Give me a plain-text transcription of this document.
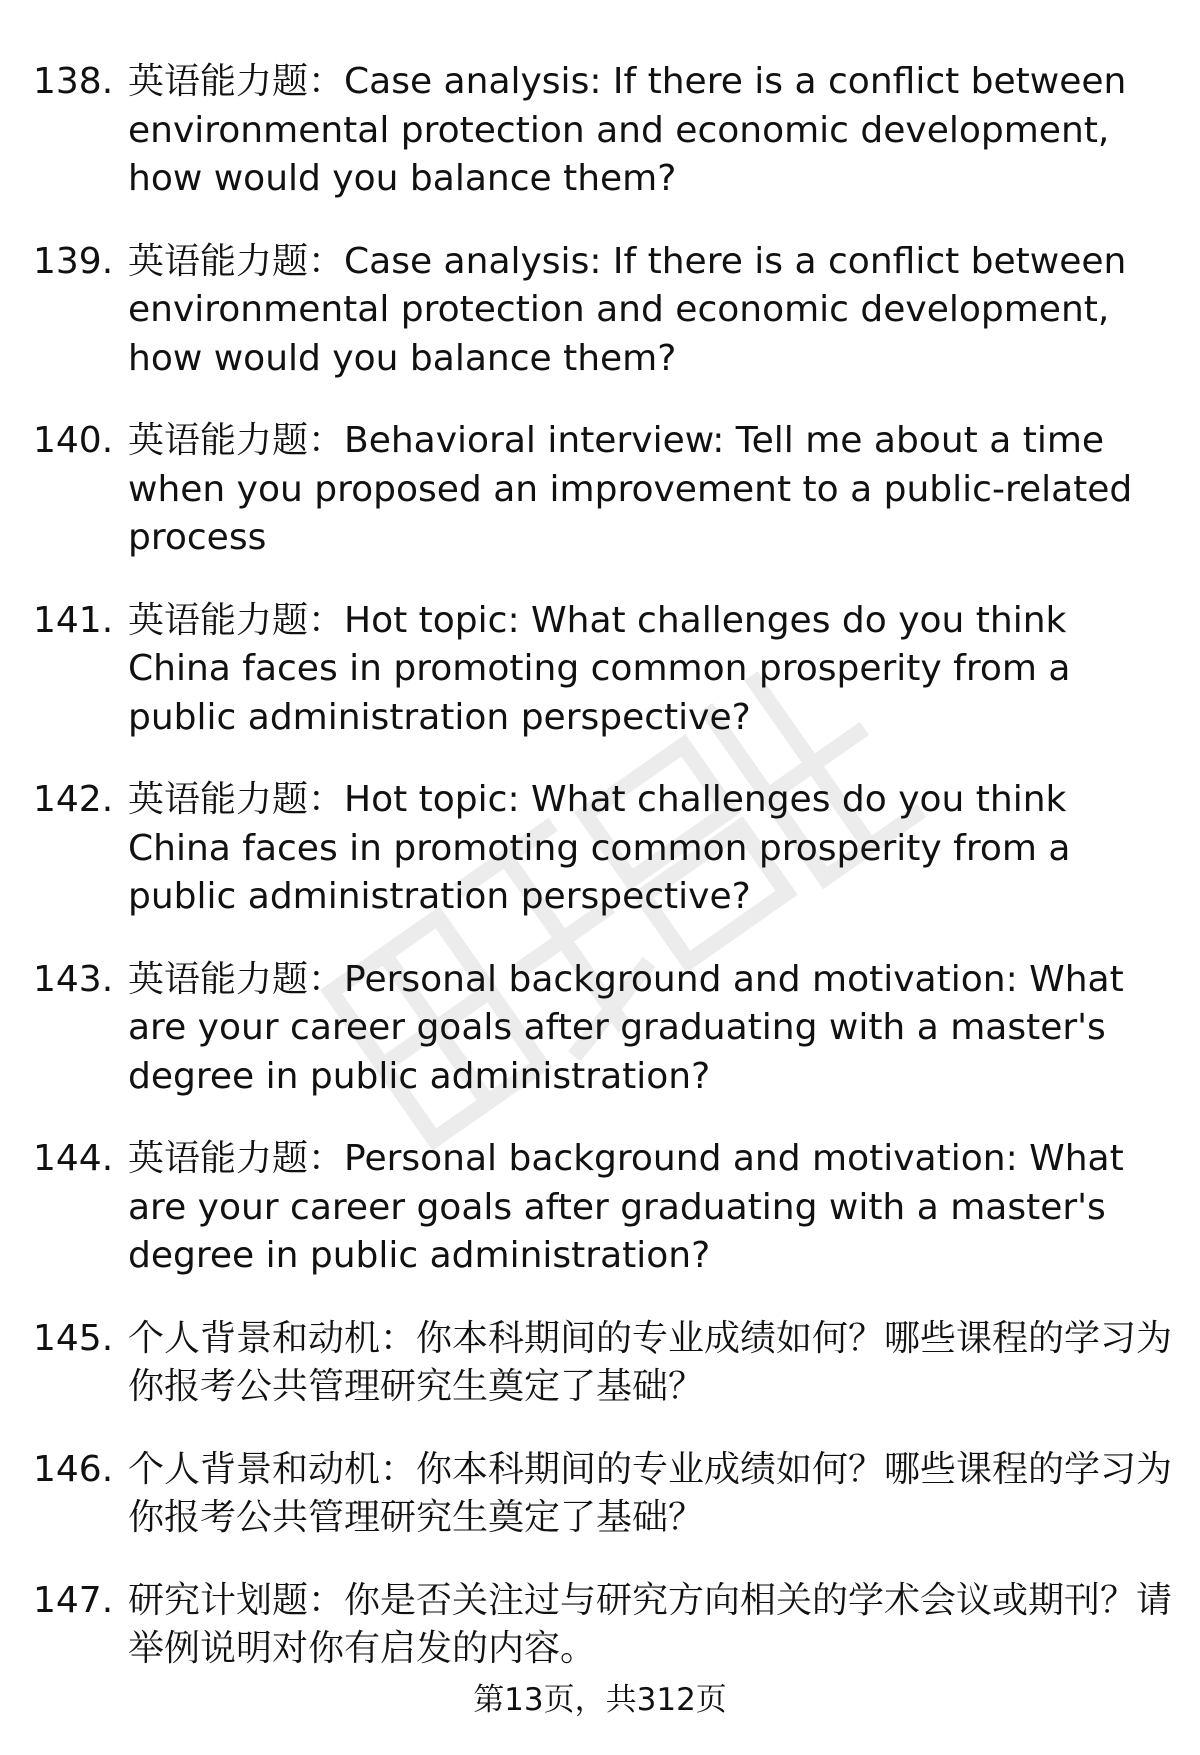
138. 英语能力题：Case analysis: If there is a conflict between environmental protection and economic development, how would you balance them?
139. 英语能力题：Case analysis: If there is a conflict between environmental protection and economic development, how would you balance them?
140. 英语能力题：Behavioral interview: Tell me about a time when you proposed an improvement to a public-related process
141. 英语能力题：Hot topic: What challenges do you think China faces in promoting common prosperity from a public administration perspective?
142. 英语能力题：Hot topic: What challenges do you think China faces in promoting common prosperity from a public administration perspective?
143. 英语能力题：Personal background and motivation: What are your career goals after graduating with a master's degree in public administration?
144. 英语能力题：Personal background and motivation: What are your career goals after graduating with a master's degree in public administration?
145. 个人背景和动机：你本科期间的专业成绩如何？哪些课程的学习为你报考公共管理研究生奠定了基础？
146. 个人背景和动机：你本科期间的专业成绩如何？哪些课程的学习为你报考公共管理研究生奠定了基础？
147. 研究计划题：你是否关注过与研究方向相关的学术会议或期刊？请举例说明对你有启发的内容。
第13页，共312页
